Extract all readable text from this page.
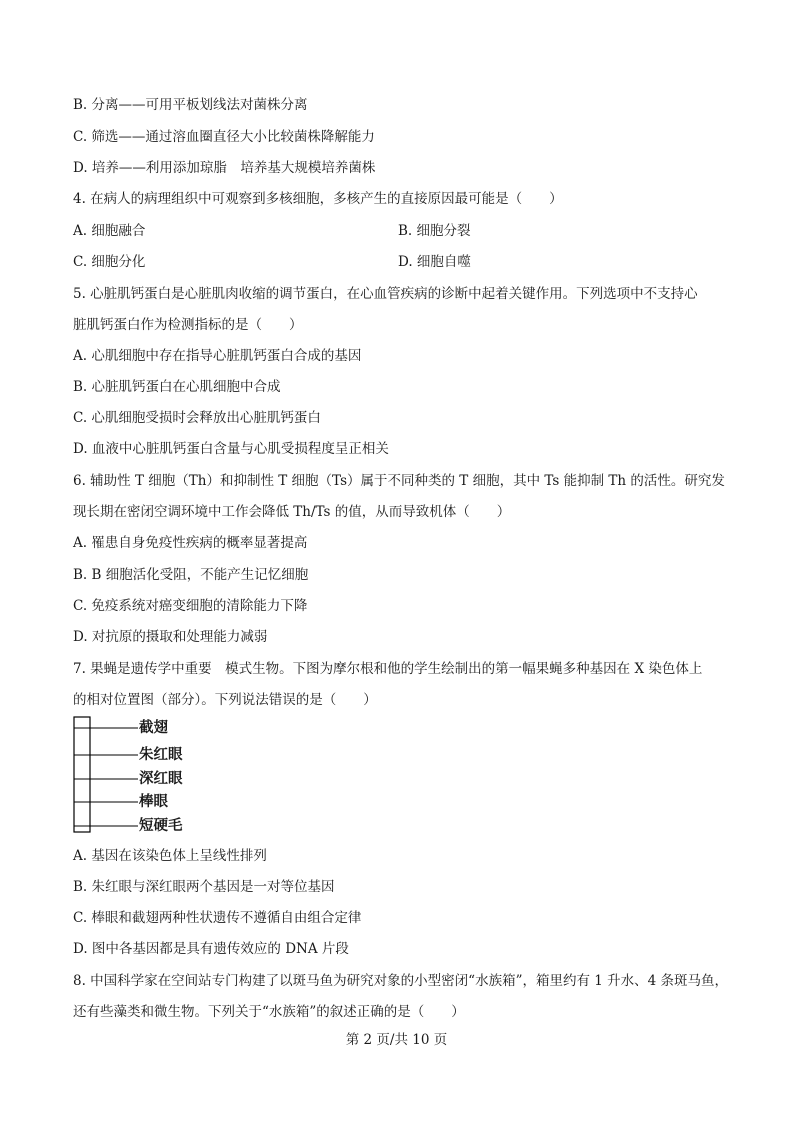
B. 分离——可用平板划线法对菌株分离
C. 筛选——通过溶血圈直径大小比较菌株降解能力
D. 培养——利用添加琼脂　培养基大规模培养菌株
4. 在病人的病理组织中可观察到多核细胞，多核产生的直接原因最可能是（　　）
A. 细胞融合	B. 细胞分裂
C. 细胞分化	D. 细胞自噬
5. 心脏肌钙蛋白是心脏肌肉收缩的调节蛋白，在心血管疾病的诊断中起着关键作用。下列选项中不支持心
脏肌钙蛋白作为检测指标的是（　　）
A. 心肌细胞中存在指导心脏肌钙蛋白合成的基因
B. 心脏肌钙蛋白在心肌细胞中合成
C. 心肌细胞受损时会释放出心脏肌钙蛋白
D. 血液中心脏肌钙蛋白含量与心肌受损程度呈正相关
6. 辅助性 T 细胞（Th）和抑制性 T 细胞（Ts）属于不同种类的 T 细胞，其中 Ts 能抑制 Th 的活性。研究发
现长期在密闭空调环境中工作会降低 Th/Ts 的值，从而导致机体（　　）
A. 罹患自身免疫性疾病的概率显著提高
B. B 细胞活化受阻，不能产生记忆细胞
C. 免疫系统对癌变细胞的清除能力下降
D. 对抗原的摄取和处理能力减弱
7. 果蝇是遗传学中重要　模式生物。下图为摩尔根和他的学生绘制出的第一幅果蝇多种基因在 X 染色体上
的相对位置图（部分）。下列说法错误的是（　　）
截翅
朱红眼
深红眼
棒眼
短硬毛
A. 基因在该染色体上呈线性排列
B. 朱红眼与深红眼两个基因是一对等位基因
C. 棒眼和截翅两种性状遗传不遵循自由组合定律
D. 图中各基因都是具有遗传效应的 DNA 片段
8. 中国科学家在空间站专门构建了以斑马鱼为研究对象的小型密闭“水族箱”，箱里约有 1 升水、4 条斑马鱼，
还有些藻类和微生物。下列关于“水族箱”的叙述正确的是（　　）
第 2 页/共 10 页
